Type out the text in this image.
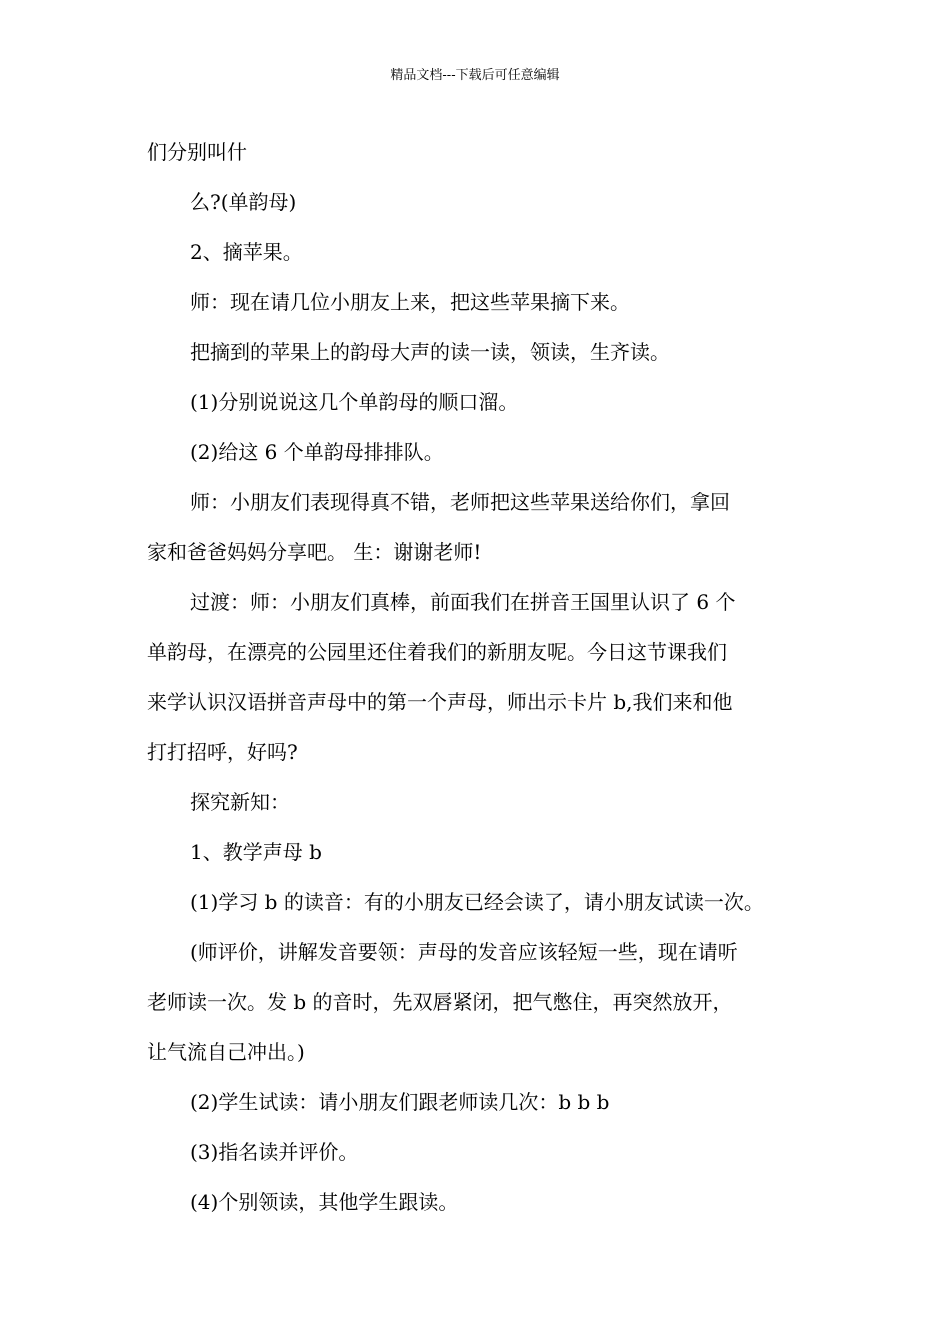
精品文档---下载后可任意编辑
们分别叫什
么?(单韵母)
2、摘苹果。
师：现在请几位小朋友上来，把这些苹果摘下来。
把摘到的苹果上的韵母大声的读一读，领读，生齐读。
(1)分别说说这几个单韵母的顺口溜。
(2)给这 6 个单韵母排排队。
师：小朋友们表现得真不错，老师把这些苹果送给你们，拿回
家和爸爸妈妈分享吧。 生：谢谢老师!
过渡：师：小朋友们真棒，前面我们在拼音王国里认识了 6 个
单韵母，在漂亮的公园里还住着我们的新朋友呢。今日这节课我们
来学认识汉语拼音声母中的第一个声母，师出示卡片 b,我们来和他
打打招呼，好吗?
探究新知：
1、教学声母 b
(1)学习 b 的读音：有的小朋友已经会读了，请小朋友试读一次。
(师评价，讲解发音要领：声母的发音应该轻短一些，现在请听
老师读一次。发 b 的音时，先双唇紧闭，把气憋住，再突然放开，
让气流自己冲出。)
(2)学生试读：请小朋友们跟老师读几次：b b b
(3)指名读并评价。
(4)个别领读，其他学生跟读。
